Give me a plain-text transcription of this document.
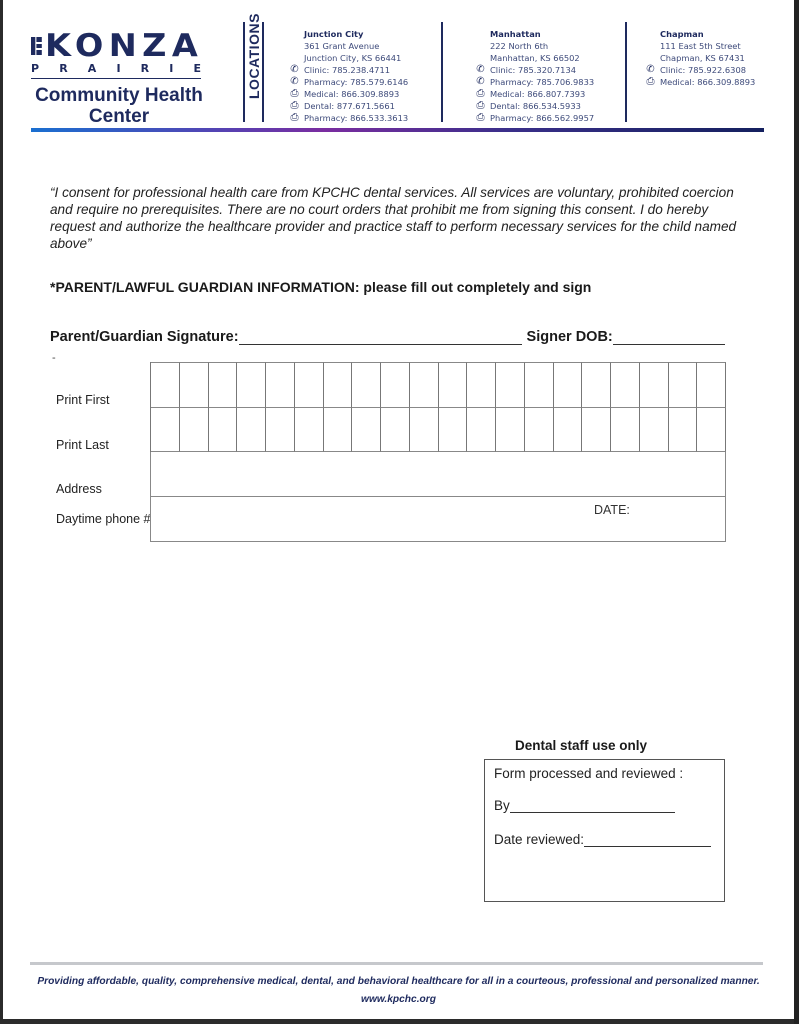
KONZA
P R A I R I E
Community Health
Center
LOCATIONS	Junction City
361 Grant Avenue
Junction City, KS 66441
✆ Clinic: 785.238.4711
✆ Pharmacy: 785.579.6146
⎙ Medical: 866.309.8893
⎙ Dental: 877.671.5661
⎙ Pharmacy: 866.533.3613
Manhattan
222 North 6th
Manhattan, KS 66502
✆ Clinic: 785.320.7134
✆ Pharmacy: 785.706.9833
⎙ Medical: 866.807.7393
⎙ Dental: 866.534.5933
⎙ Pharmacy: 866.562.9957
Chapman
111 East 5th Street
Chapman, KS 67431
✆ Clinic: 785.922.6308
⎙ Medical: 866.309.8893

“I consent for professional health care from KPCHC dental services. All services are voluntary, prohibited coercion and require no prerequisites. There are no court orders that prohibit me from signing this consent. I do hereby request and authorize the healthcare provider and practice staff to perform necessary services for the child named above”

*PARENT/LAWFUL GUARDIAN INFORMATION: please fill out completely and sign
Parent/Guardian Signature:	Signer DOB:
-
Print First
Print Last
Address
Daytime phone #
DATE:
Dental staff use only
Form processed and reviewed :
By
Date reviewed:
Providing affordable, quality, comprehensive medical, dental, and behavioral healthcare for all in a courteous, professional and personalized manner.
www.kpchc.org
